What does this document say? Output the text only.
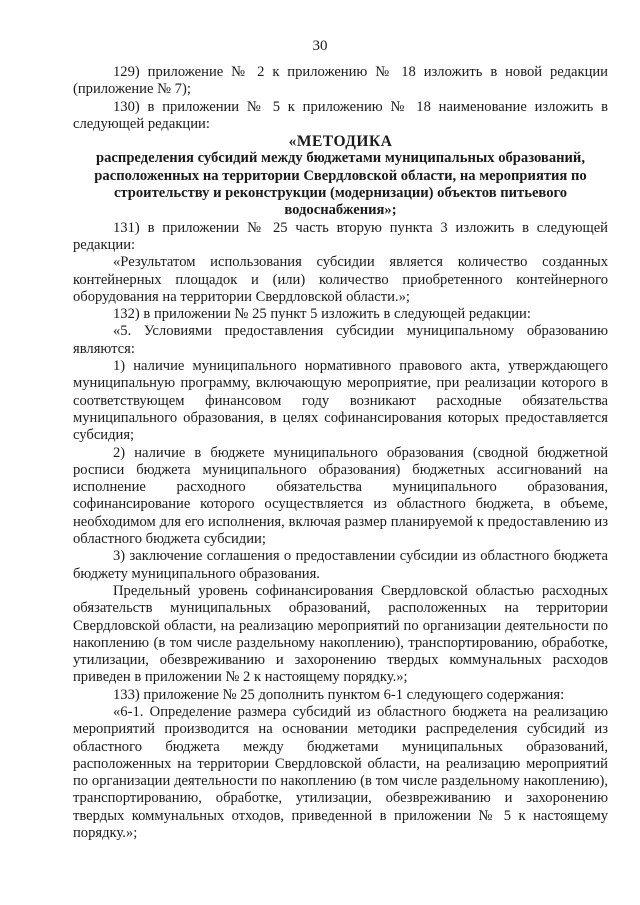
30

129) приложение № 2 к приложению № 18 изложить в новой редакции (приложение № 7);

130) в приложении № 5 к приложению № 18 наименование изложить в следующей редакции:

«МЕТОДИКА

распределения субсидий между бюджетами муниципальных образований, расположенных на территории Свердловской области, на мероприятия по строительству и реконструкции (модернизации) объектов питьевого водоснабжения»;

131) в приложении № 25 часть вторую пункта 3 изложить в следующей редакции:

«Результатом использования субсидии является количество созданных контейнерных площадок и (или) количество приобретенного контейнерного оборудования на территории Свердловской области.»;

132) в приложении № 25 пункт 5 изложить в следующей редакции:

«5. Условиями предоставления субсидии муниципальному образованию являются:

1) наличие муниципального нормативного правового акта, утверждающего муниципальную программу, включающую мероприятие, при реализации которого в соответствующем финансовом году возникают расходные обязательства муниципального образования, в целях софинансирования которых предоставляется субсидия;

2) наличие в бюджете муниципального образования (сводной бюджетной росписи бюджета муниципального образования) бюджетных ассигнований на исполнение расходного обязательства муниципального образования, софинансирование которого осуществляется из областного бюджета, в объеме, необходимом для его исполнения, включая размер планируемой к предоставлению из областного бюджета субсидии;

3) заключение соглашения о предоставлении субсидии из областного бюджета бюджету муниципального образования.

Предельный уровень софинансирования Свердловской областью расходных обязательств муниципальных образований, расположенных на территории Свердловской области, на реализацию мероприятий по организации деятельности по накоплению (в том числе раздельному накоплению), транспортированию, обработке, утилизации, обезвреживанию и захоронению твердых коммунальных расходов приведен в приложении № 2 к настоящему порядку.»;

133) приложение № 25 дополнить пунктом 6-1 следующего содержания:

«6-1. Определение размера субсидий из областного бюджета на реализацию мероприятий производится на основании методики распределения субсидий из областного бюджета между бюджетами муниципальных образований, расположенных на территории Свердловской области, на реализацию мероприятий по организации деятельности по накоплению (в том числе раздельному накоплению), транспортированию, обработке, утилизации, обезвреживанию и захоронению твердых коммунальных отходов, приведенной в приложении № 5 к настоящему порядку.»;
